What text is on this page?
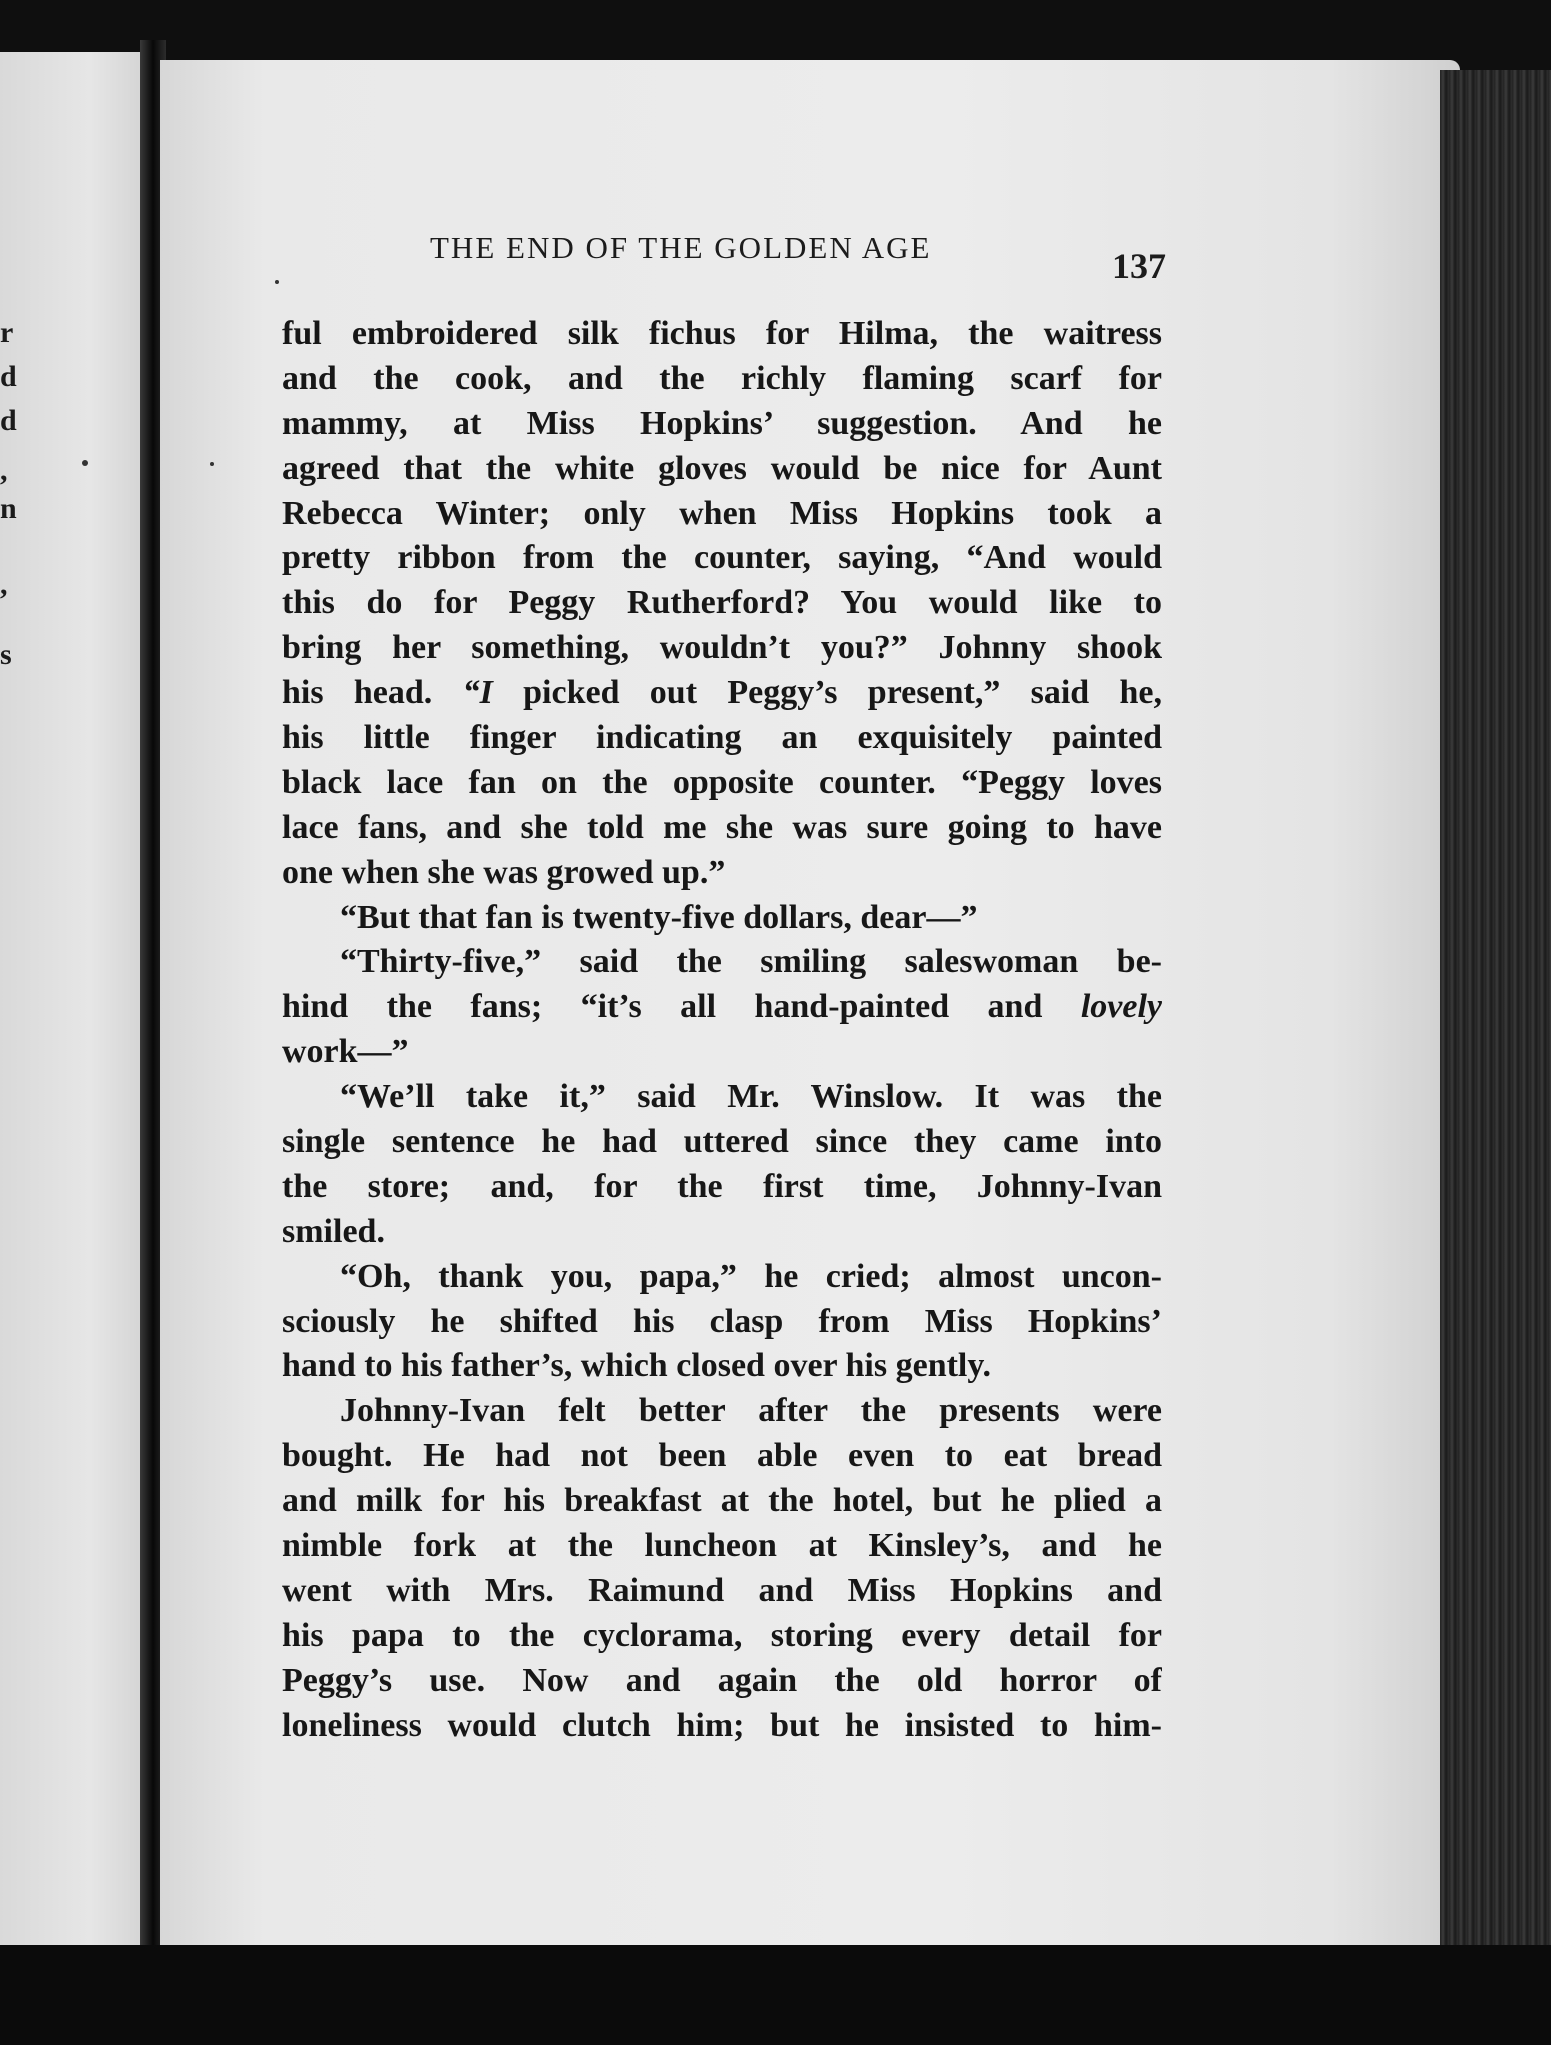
r
d
d
,
n
,
s
THE END OF THE GOLDEN AGE	137
ful embroidered silk fichus for Hilma, the waitress
and the cook, and the richly flaming scarf for
mammy, at Miss Hopkins’ suggestion. And he
agreed that the white gloves would be nice for Aunt
Rebecca Winter; only when Miss Hopkins took a
pretty ribbon from the counter, saying, “And would
this do for Peggy Rutherford? You would like to
bring her something, wouldn’t you?” Johnny shook
his head. “I picked out Peggy’s present,” said he,
his little finger indicating an exquisitely painted
black lace fan on the opposite counter. “Peggy loves
lace fans, and she told me she was sure going to have
one when she was growed up.”
“But that fan is twenty-five dollars, dear—”
“Thirty-five,” said the smiling saleswoman be-
hind the fans; “it’s all hand-painted and lovely
work—”
“We’ll take it,” said Mr. Winslow. It was the
single sentence he had uttered since they came into
the store; and, for the first time, Johnny-Ivan
smiled.
“Oh, thank you, papa,” he cried; almost uncon-
sciously he shifted his clasp from Miss Hopkins’
hand to his father’s, which closed over his gently.
Johnny-Ivan felt better after the presents were
bought. He had not been able even to eat bread
and milk for his breakfast at the hotel, but he plied a
nimble fork at the luncheon at Kinsley’s, and he
went with Mrs. Raimund and Miss Hopkins and
his papa to the cyclorama, storing every detail for
Peggy’s use. Now and again the old horror of
loneliness would clutch him; but he insisted to him-
